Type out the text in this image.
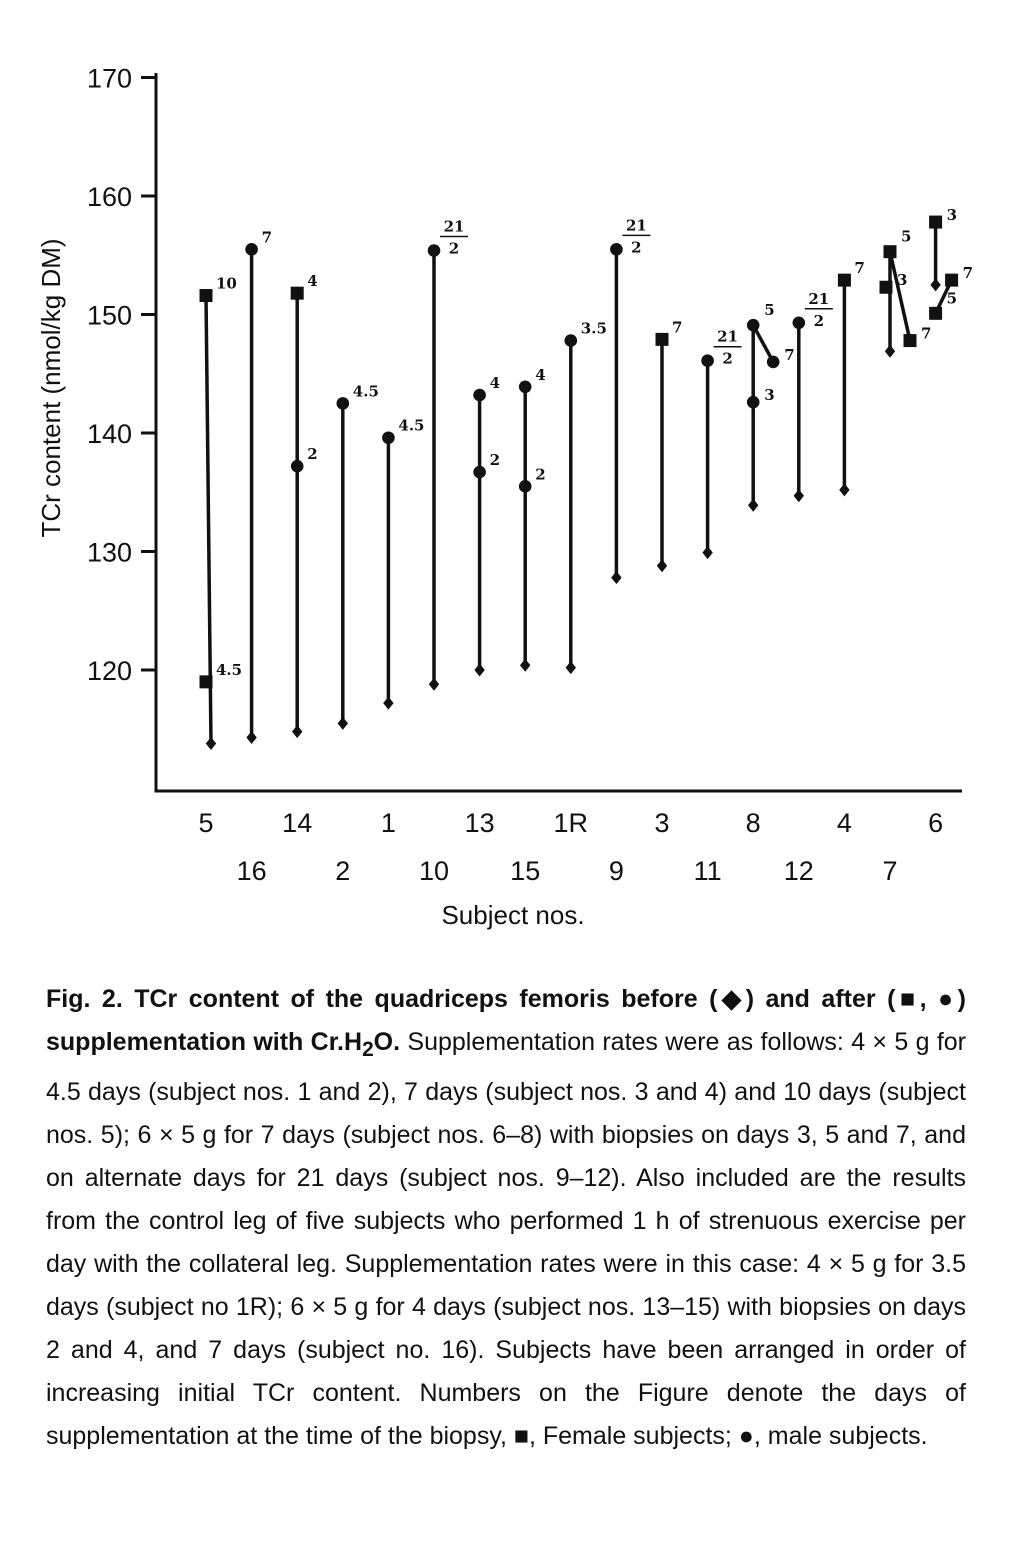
120
130
140
150
160
170
5	14	1	13 1R 3	8	4	6
16	2	10 15	9	11 12	7
10
4.5
7
4
2
4.5
4.5
21
2
4
2
4
2
3.5
21
2
7
21
2
3
5
7
21
2
7
3
5
7
3
5
7
TCr content (nmol/kg DM)
Subject nos.
Fig. 2. TCr content of the quadriceps femoris before (◆) and after (■, ●) supplementation with $Cr.H_2O$. Supplementation rates were as follows: 4 × 5 g for 4.5 days (subject nos. 1 and 2), 7 days (subject nos. 3 and 4) and 10 days (subject nos. 5); 6 × 5 g for 7 days (subject nos. 6–8) with biopsies on days 3, 5 and 7, and on alternate days for 21 days (subject nos. 9–12). Also included are the results from the control leg of five subjects who performed 1 h of strenuous exercise per day with the collateral leg. Supplementation rates were in this case: 4 × 5 g for 3.5 days (subject no 1R); 6 × 5 g for 4 days (subject nos. 13–15) with biopsies on days 2 and 4, and 7 days (subject no. 16). Subjects have been arranged in order of increasing initial TCr content. Numbers on the Figure denote the days of supplementation at the time of the biopsy, ■, Female subjects; ●, male subjects.
